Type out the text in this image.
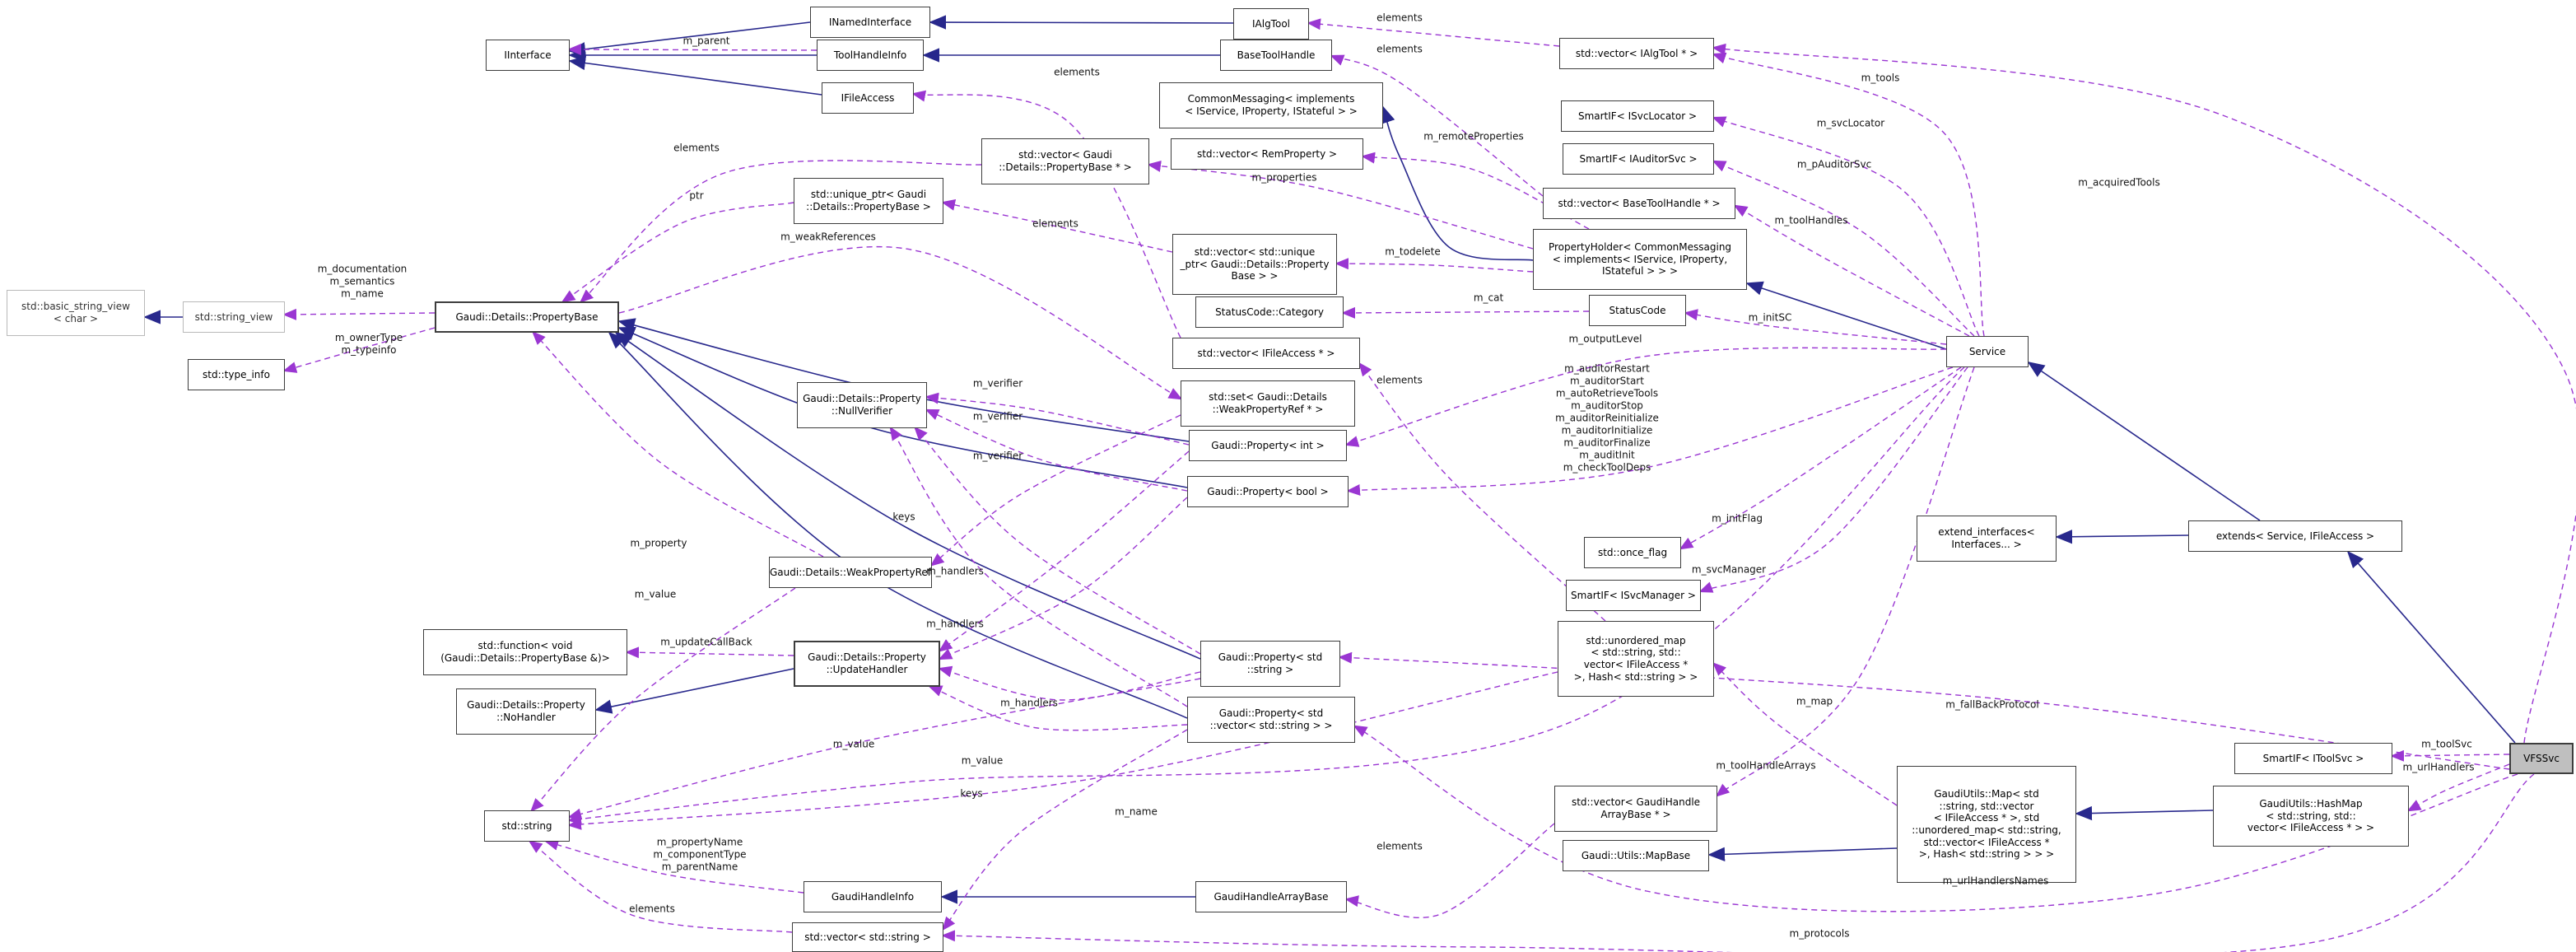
std::basic_string_view
< char >	std::string_view
std::type_info
Gaudi::Details::PropertyBase
IInterface
INamedInterface
ToolHandleInfo
IFileAccess
IAlgTool
BaseToolHandle
CommonMessaging< implements
< IService, IProperty, IStateful > >
std::vector< RemProperty >
std::vector< Gaudi
::Details::PropertyBase * >
std::unique_ptr< Gaudi
::Details::PropertyBase >
std::vector< std::unique
_ptr< Gaudi::Details::Property
Base > >
StatusCode::Category
std::vector< IFileAccess * >
std::set< Gaudi::Details
::WeakPropertyRef * >
Gaudi::Property< int >
Gaudi::Property< bool >
Gaudi::Details::Property
::NullVerifier
Gaudi::Details::WeakPropertyRef
std::function< void
(Gaudi::Details::PropertyBase &)>	Gaudi::Details::Property
::UpdateHandler
Gaudi::Details::Property
::NoHandler
Gaudi::Property< std
::string >
Gaudi::Property< std
::vector< std::string > >
std::string
GaudiHandleInfo
std::vector< std::string >
GaudiHandleArrayBase
std::vector< IAlgTool * >
SmartIF< ISvcLocator >
SmartIF< IAuditorSvc >
std::vector< BaseToolHandle * >
PropertyHolder< CommonMessaging
< implements< IService, IProperty,
IStateful > > >
StatusCode
Service
std::once_flag
SmartIF< ISvcManager >
std::unordered_map
< std::string, std::
vector< IFileAccess *
>, Hash< std::string > >
extend_interfaces<
Interfaces... >
extends< Service, IFileAccess >
std::vector< GaudiHandle
ArrayBase * >
Gaudi::Utils::MapBase
GaudiUtils::Map< std
::string, std::vector
< IFileAccess * >, std
::unordered_map< std::string,
std::vector< IFileAccess *
>, Hash< std::string > > >
SmartIF< IToolSvc >
GaudiUtils::HashMap
< std::string, std::
vector< IFileAccess * > >
VFSSvc
m_parent
elements
elements
elements
elements
ptr
elements
m_cat
m_initSC
m_toolHandles
m_pAuditorSvc
m_svcLocator
m_tools
m_outputLevel
m_auditorRestart
m_auditorStart
m_autoRetrieveTools
m_auditorStop
m_auditorReinitialize
m_auditorInitialize
m_auditorFinalize
m_auditInit
m_checkToolDeps
m_initFlag
m_svcManager
m_name
m_toolHandleArrays
m_properties
m_remoteProperties
m_todelete
m_weakReferences
m_property
m_value
keys
m_verifier
m_verifier
m_verifier
m_handlers
m_handlers
m_handlers
m_updateCallBack
m_value
m_value
keys
elements
m_map
elements
elements
m_propertyName
m_componentType
m_parentName
m_toolSvc
m_urlHandlers
m_acquiredTools
m_fallBackProtocol
m_urlHandlersNames
m_protocols
m_documentation
m_semantics
m_name
m_ownerType
m_typeinfo
